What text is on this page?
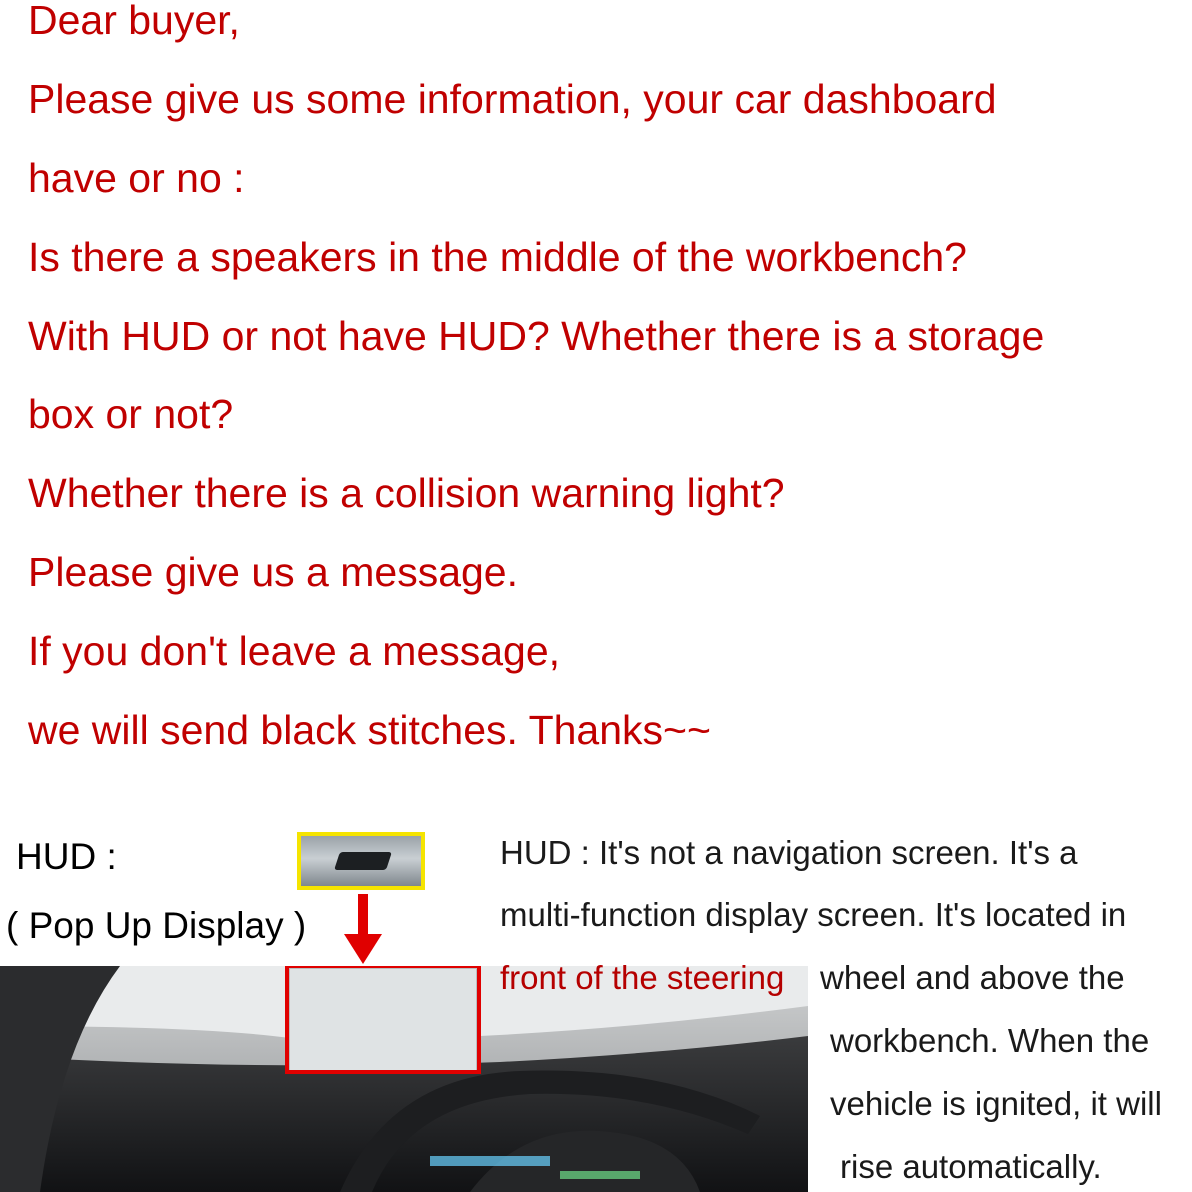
Dear buyer,
Please give us some information, your car dashboard
have or no :
Is there a speakers in the middle of the workbench?
With HUD or not have HUD? Whether there is a storage
box or not?
Whether there is a collision warning light?
Please give us a message.
If you don't leave a message,
we will send black stitches. Thanks~~
HUD :
( Pop Up Display )
HUD : It's not a navigation screen. It's a
multi-function display screen. It's located in
front of the steering wheel and above the
workbench. When the
vehicle is ignited, it will
rise automatically.
